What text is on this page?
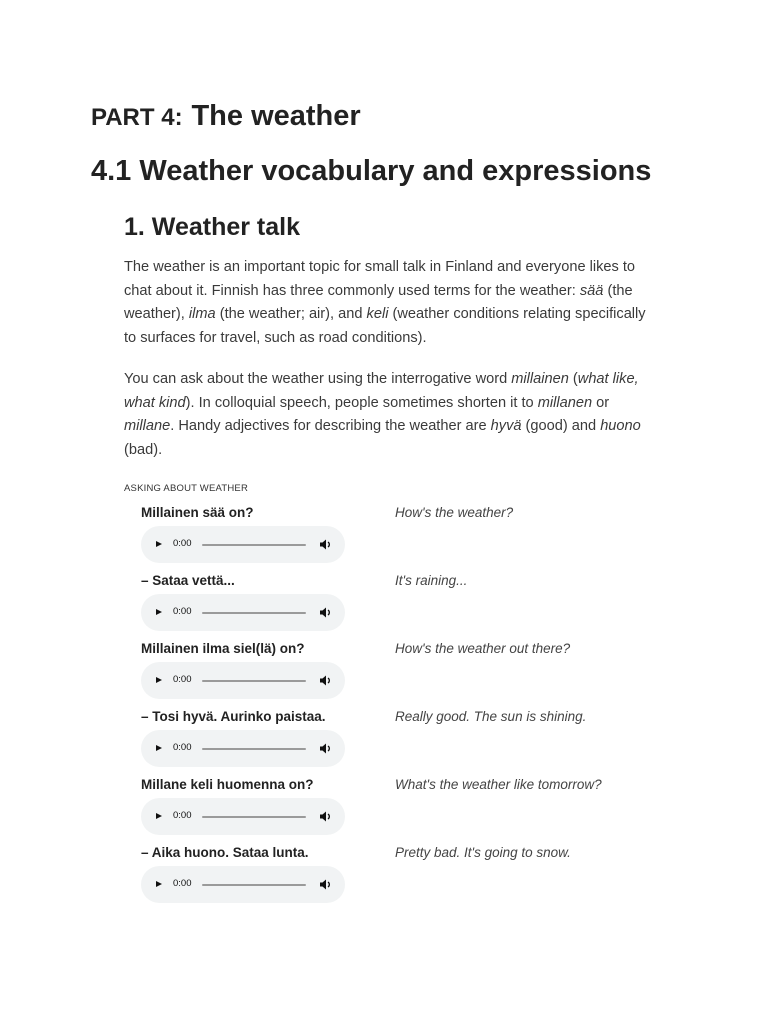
PART 4: The weather
4.1 Weather vocabulary and expressions
1. Weather talk

The weather is an important topic for small talk in Finland and everyone likes to chat about it. Finnish has three commonly used terms for the weather: sää (the weather), ilma (the weather; air), and keli (weather conditions relating specifically to surfaces for travel, such as road conditions).

You can ask about the weather using the interrogative word millainen (what like, what kind). In colloquial speech, people sometimes shorten it to millanen or millane. Handy adjectives for describing the weather are hyvä (good) and huono (bad).

ASKING ABOUT WEATHER
Millainen sää on?	How's the weather?
0:00
– Sataa vettä...	It's raining...
0:00
Millainen ilma siel(lä) on?	How's the weather out there?
0:00
– Tosi hyvä. Aurinko paistaa.	Really good. The sun is shining.
0:00
Millane keli huomenna on?	What's the weather like tomorrow?
0:00
– Aika huono. Sataa lunta.	Pretty bad. It's going to snow.
0:00
